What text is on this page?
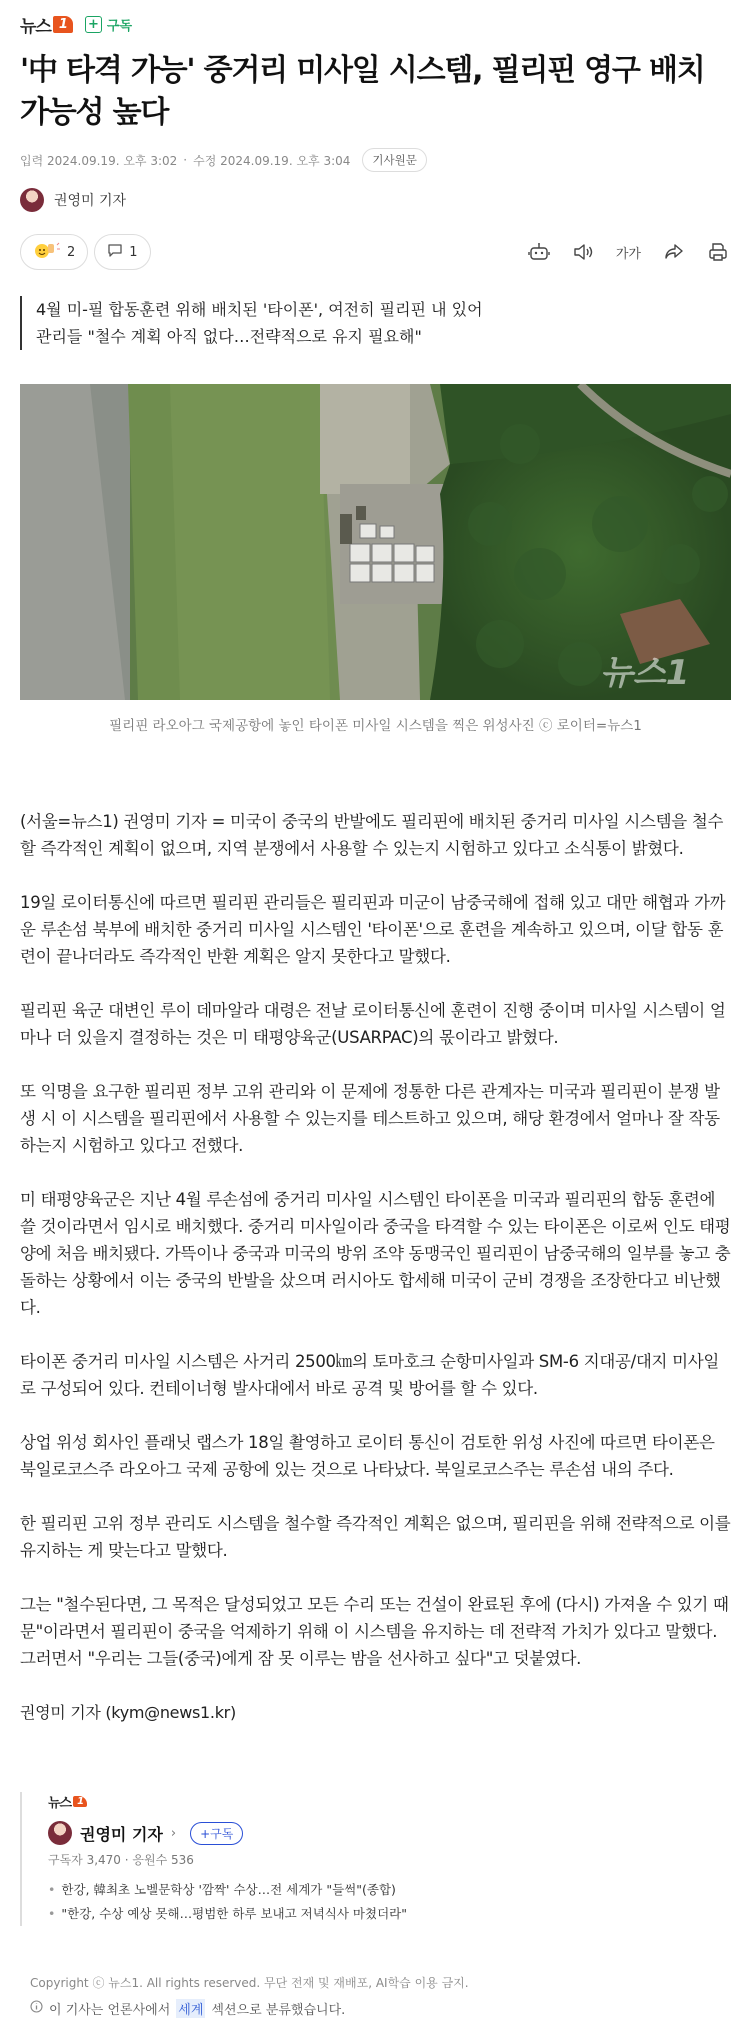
뉴스 1	+ 구독
'中 타격 가능' 중거리 미사일 시스템, 필리핀 영구 배치 가능성 높다
입력 2024.09.19. 오후 3:02 · 수정 2024.09.19. 오후 3:04	기사원문
권영미 기자
2	1	가가
4월 미-필 합동훈련 위해 배치된 '타이폰', 여전히 필리핀 내 있어
관리들 "철수 계획 아직 없다…전략적으로 유지 필요해"
뉴스1
필리핀 라오아그 국제공항에 놓인 타이폰 미사일 시스템을 찍은 위성사진 ⓒ 로이터=뉴스1

(서울=뉴스1) 권영미 기자 = 미국이 중국의 반발에도 필리핀에 배치된 중거리 미사일 시스템을 철수할 즉각적인 계획이 없으며, 지역 분쟁에서 사용할 수 있는지 시험하고 있다고 소식통이 밝혔다.

19일 로이터통신에 따르면 필리핀 관리들은 필리핀과 미군이 남중국해에 접해 있고 대만 해협과 가까운 루손섬 북부에 배치한 중거리 미사일 시스템인 '타이폰'으로 훈련을 계속하고 있으며, 이달 합동 훈련이 끝나더라도 즉각적인 반환 계획은 알지 못한다고 말했다.

필리핀 육군 대변인 루이 데마알라 대령은 전날 로이터통신에 훈련이 진행 중이며 미사일 시스템이 얼마나 더 있을지 결정하는 것은 미 태평양육군(USARPAC)의 몫이라고 밝혔다.

또 익명을 요구한 필리핀 정부 고위 관리와 이 문제에 정통한 다른 관계자는 미국과 필리핀이 분쟁 발생 시 이 시스템을 필리핀에서 사용할 수 있는지를 테스트하고 있으며, 해당 환경에서 얼마나 잘 작동하는지 시험하고 있다고 전했다.

미 태평양육군은 지난 4월 루손섬에 중거리 미사일 시스템인 타이폰을 미국과 필리핀의 합동 훈련에 쓸 것이라면서 임시로 배치했다. 중거리 미사일이라 중국을 타격할 수 있는 타이폰은 이로써 인도 태평양에 처음 배치됐다. 가뜩이나 중국과 미국의 방위 조약 동맹국인 필리핀이 남중국해의 일부를 놓고 충돌하는 상황에서 이는 중국의 반발을 샀으며 러시아도 합세해 미국이 군비 경쟁을 조장한다고 비난했다.

타이폰 중거리 미사일 시스템은 사거리 2500㎞의 토마호크 순항미사일과 SM-6 지대공/대지 미사일로 구성되어 있다. 컨테이너형 발사대에서 바로 공격 및 방어를 할 수 있다.

상업 위성 회사인 플래닛 랩스가 18일 촬영하고 로이터 통신이 검토한 위성 사진에 따르면 타이폰은 북일로코스주 라오아그 국제 공항에 있는 것으로 나타났다. 북일로코스주는 루손섬 내의 주다.

한 필리핀 고위 정부 관리도 시스템을 철수할 즉각적인 계획은 없으며, 필리핀을 위해 전략적으로 이를 유지하는 게 맞는다고 말했다.

그는 "철수된다면, 그 목적은 달성되었고 모든 수리 또는 건설이 완료된 후에 (다시) 가져올 수 있기 때문"이라면서 필리핀이 중국을 억제하기 위해 이 시스템을 유지하는 데 전략적 가치가 있다고 말했다. 그러면서 "우리는 그들(중국)에게 잠 못 이루는 밤을 선사하고 싶다"고 덧붙였다.

권영미 기자 (kym@news1.kr)
뉴스 1
권영미 기자 ›	+구독
구독자 3,470 · 응원수 536
• 한강, 韓최초 노벨문학상 '깜짝' 수상…전 세계가 "들썩"(종합)
• "한강, 수상 예상 못해…평범한 하루 보내고 저녁식사 마쳤더라"
Copyright ⓒ 뉴스1. All rights reserved. 무단 전재 및 재배포, AI학습 이용 금지.
이 기사는 언론사에서 세계 섹션으로 분류했습니다.
